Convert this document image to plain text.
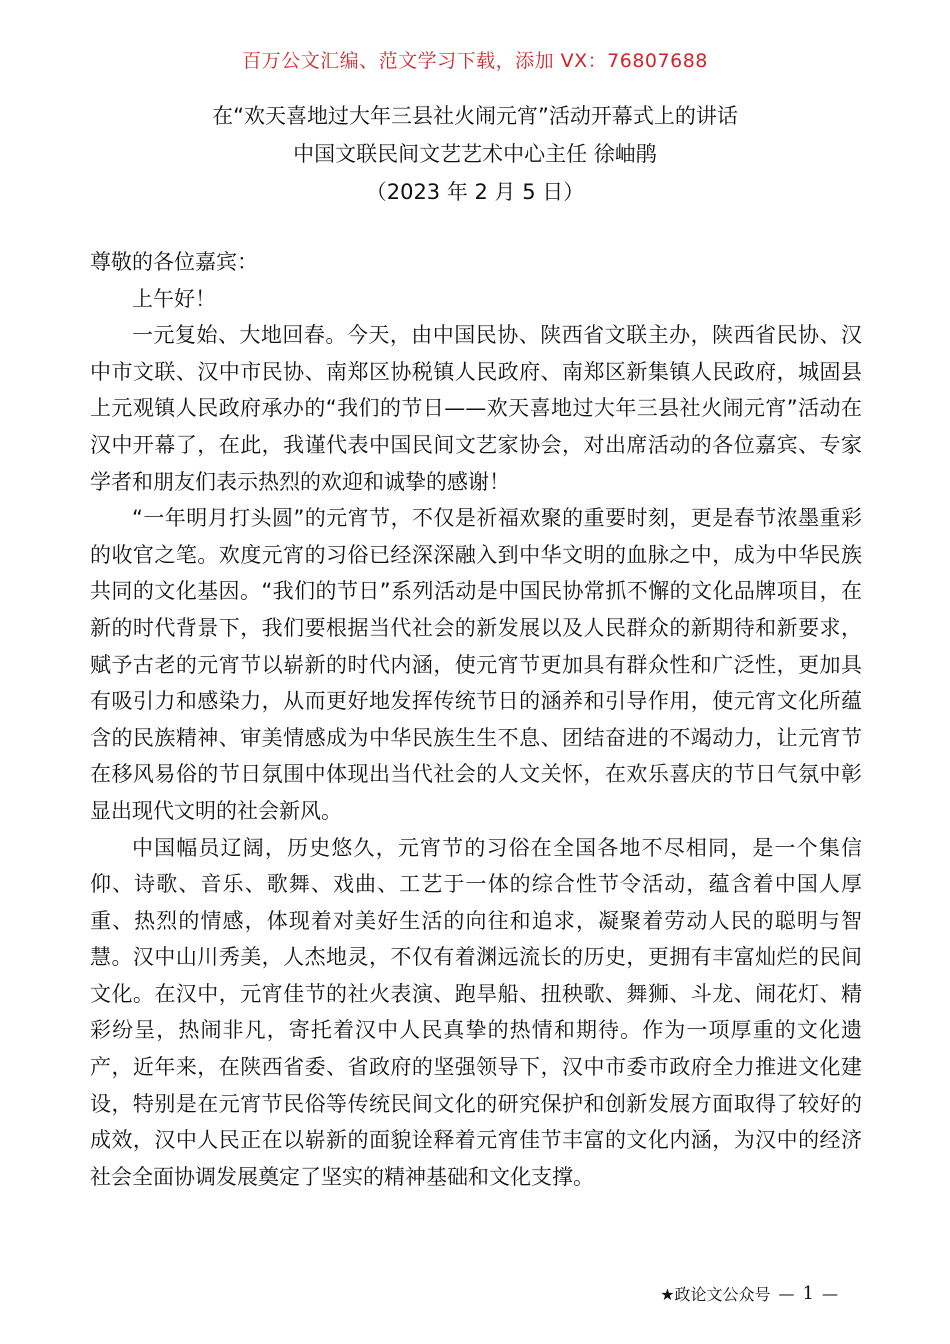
百万公文汇编、范文学习下载，添加 VX：76807688
在“欢天喜地过大年三县社火闹元宵”活动开幕式上的讲话
中国文联民间文艺艺术中心主任 徐岫鹃
（2023 年 2 月 5 日）

尊敬的各位嘉宾：

上午好！

一元复始、大地回春。今天，由中国民协、陕西省文联主办，陕西省民协、汉中市文联、汉中市民协、南郑区协税镇人民政府、南郑区新集镇人民政府，城固县上元观镇人民政府承办的“我们的节日——欢天喜地过大年三县社火闹元宵”活动在汉中开幕了，在此，我谨代表中国民间文艺家协会，对出席活动的各位嘉宾、专家学者和朋友们表示热烈的欢迎和诚挚的感谢！

“一年明月打头圆”的元宵节，不仅是祈福欢聚的重要时刻，更是春节浓墨重彩的收官之笔。欢度元宵的习俗已经深深融入到中华文明的血脉之中，成为中华民族共同的文化基因。“我们的节日”系列活动是中国民协常抓不懈的文化品牌项目，在新的时代背景下，我们要根据当代社会的新发展以及人民群众的新期待和新要求，赋予古老的元宵节以崭新的时代内涵，使元宵节更加具有群众性和广泛性，更加具有吸引力和感染力，从而更好地发挥传统节日的涵养和引导作用，使元宵文化所蕴含的民族精神、审美情感成为中华民族生生不息、团结奋进的不竭动力，让元宵节在移风易俗的节日氛围中体现出当代社会的人文关怀，在欢乐喜庆的节日气氛中彰显出现代文明的社会新风。

中国幅员辽阔，历史悠久，元宵节的习俗在全国各地不尽相同，是一个集信仰、诗歌、音乐、歌舞、戏曲、工艺于一体的综合性节令活动，蕴含着中国人厚重、热烈的情感，体现着对美好生活的向往和追求，凝聚着劳动人民的聪明与智慧。汉中山川秀美，人杰地灵，不仅有着渊远流长的历史，更拥有丰富灿烂的民间文化。在汉中，元宵佳节的社火表演、跑旱船、扭秧歌、舞狮、斗龙、闹花灯、精彩纷呈，热闹非凡，寄托着汉中人民真挚的热情和期待。作为一项厚重的文化遗产，近年来，在陕西省委、省政府的坚强领导下，汉中市委市政府全力推进文化建设，特别是在元宵节民俗等传统民间文化的研究保护和创新发展方面取得了较好的成效，汉中人民正在以崭新的面貌诠释着元宵佳节丰富的文化内涵，为汉中的经济社会全面协调发展奠定了坚实的精神基础和文化支撑。

★政论文公众号 — 1 —
